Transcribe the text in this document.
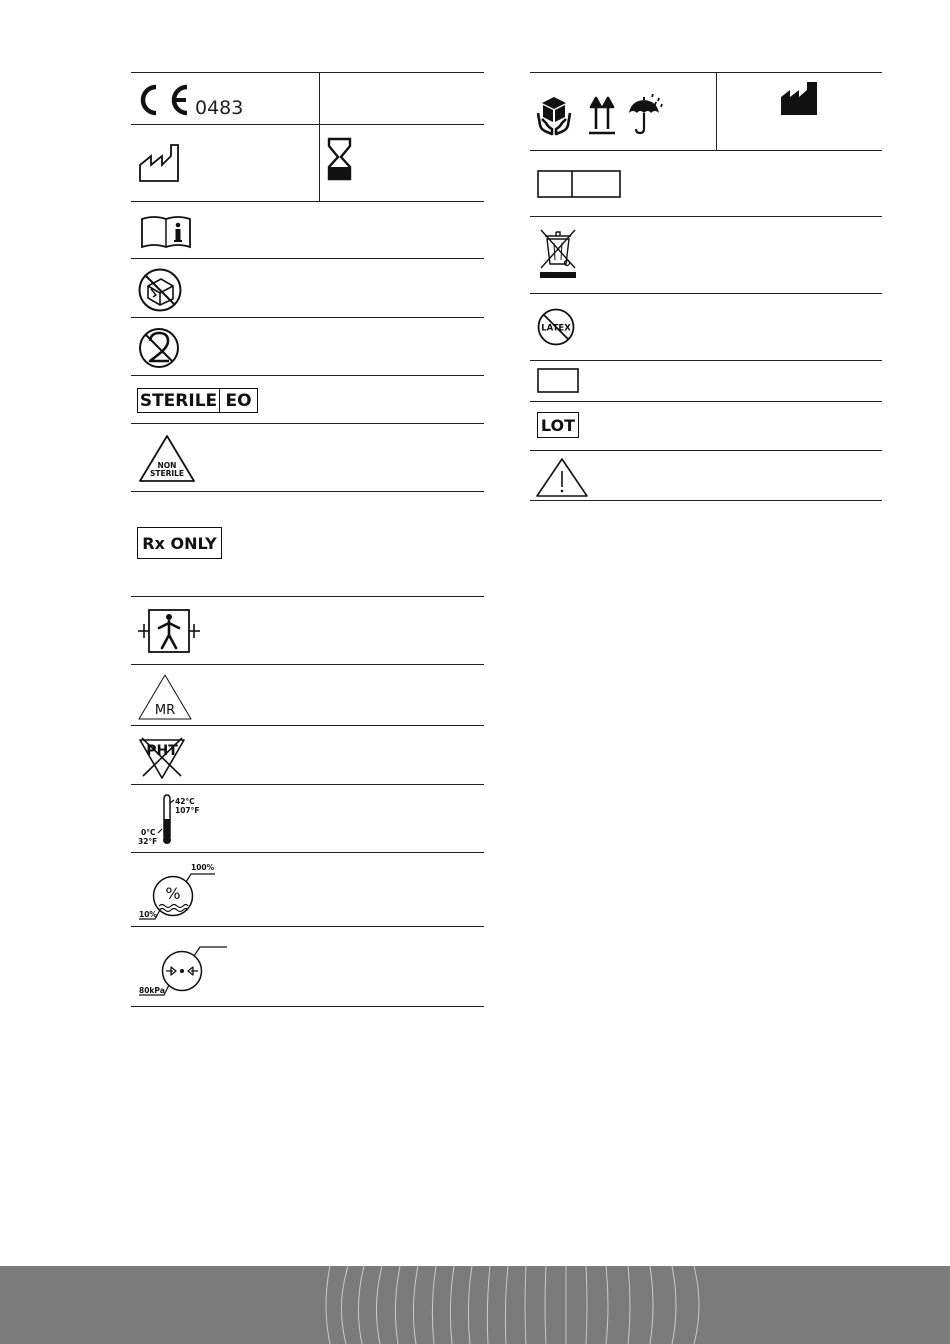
0483
STERILE EO
NON
STERILE
Rx ONLY
MR
PHT
42°C
107°F
0°C
32°F
%
100%
10%
80kPa
LATEX
LOT
